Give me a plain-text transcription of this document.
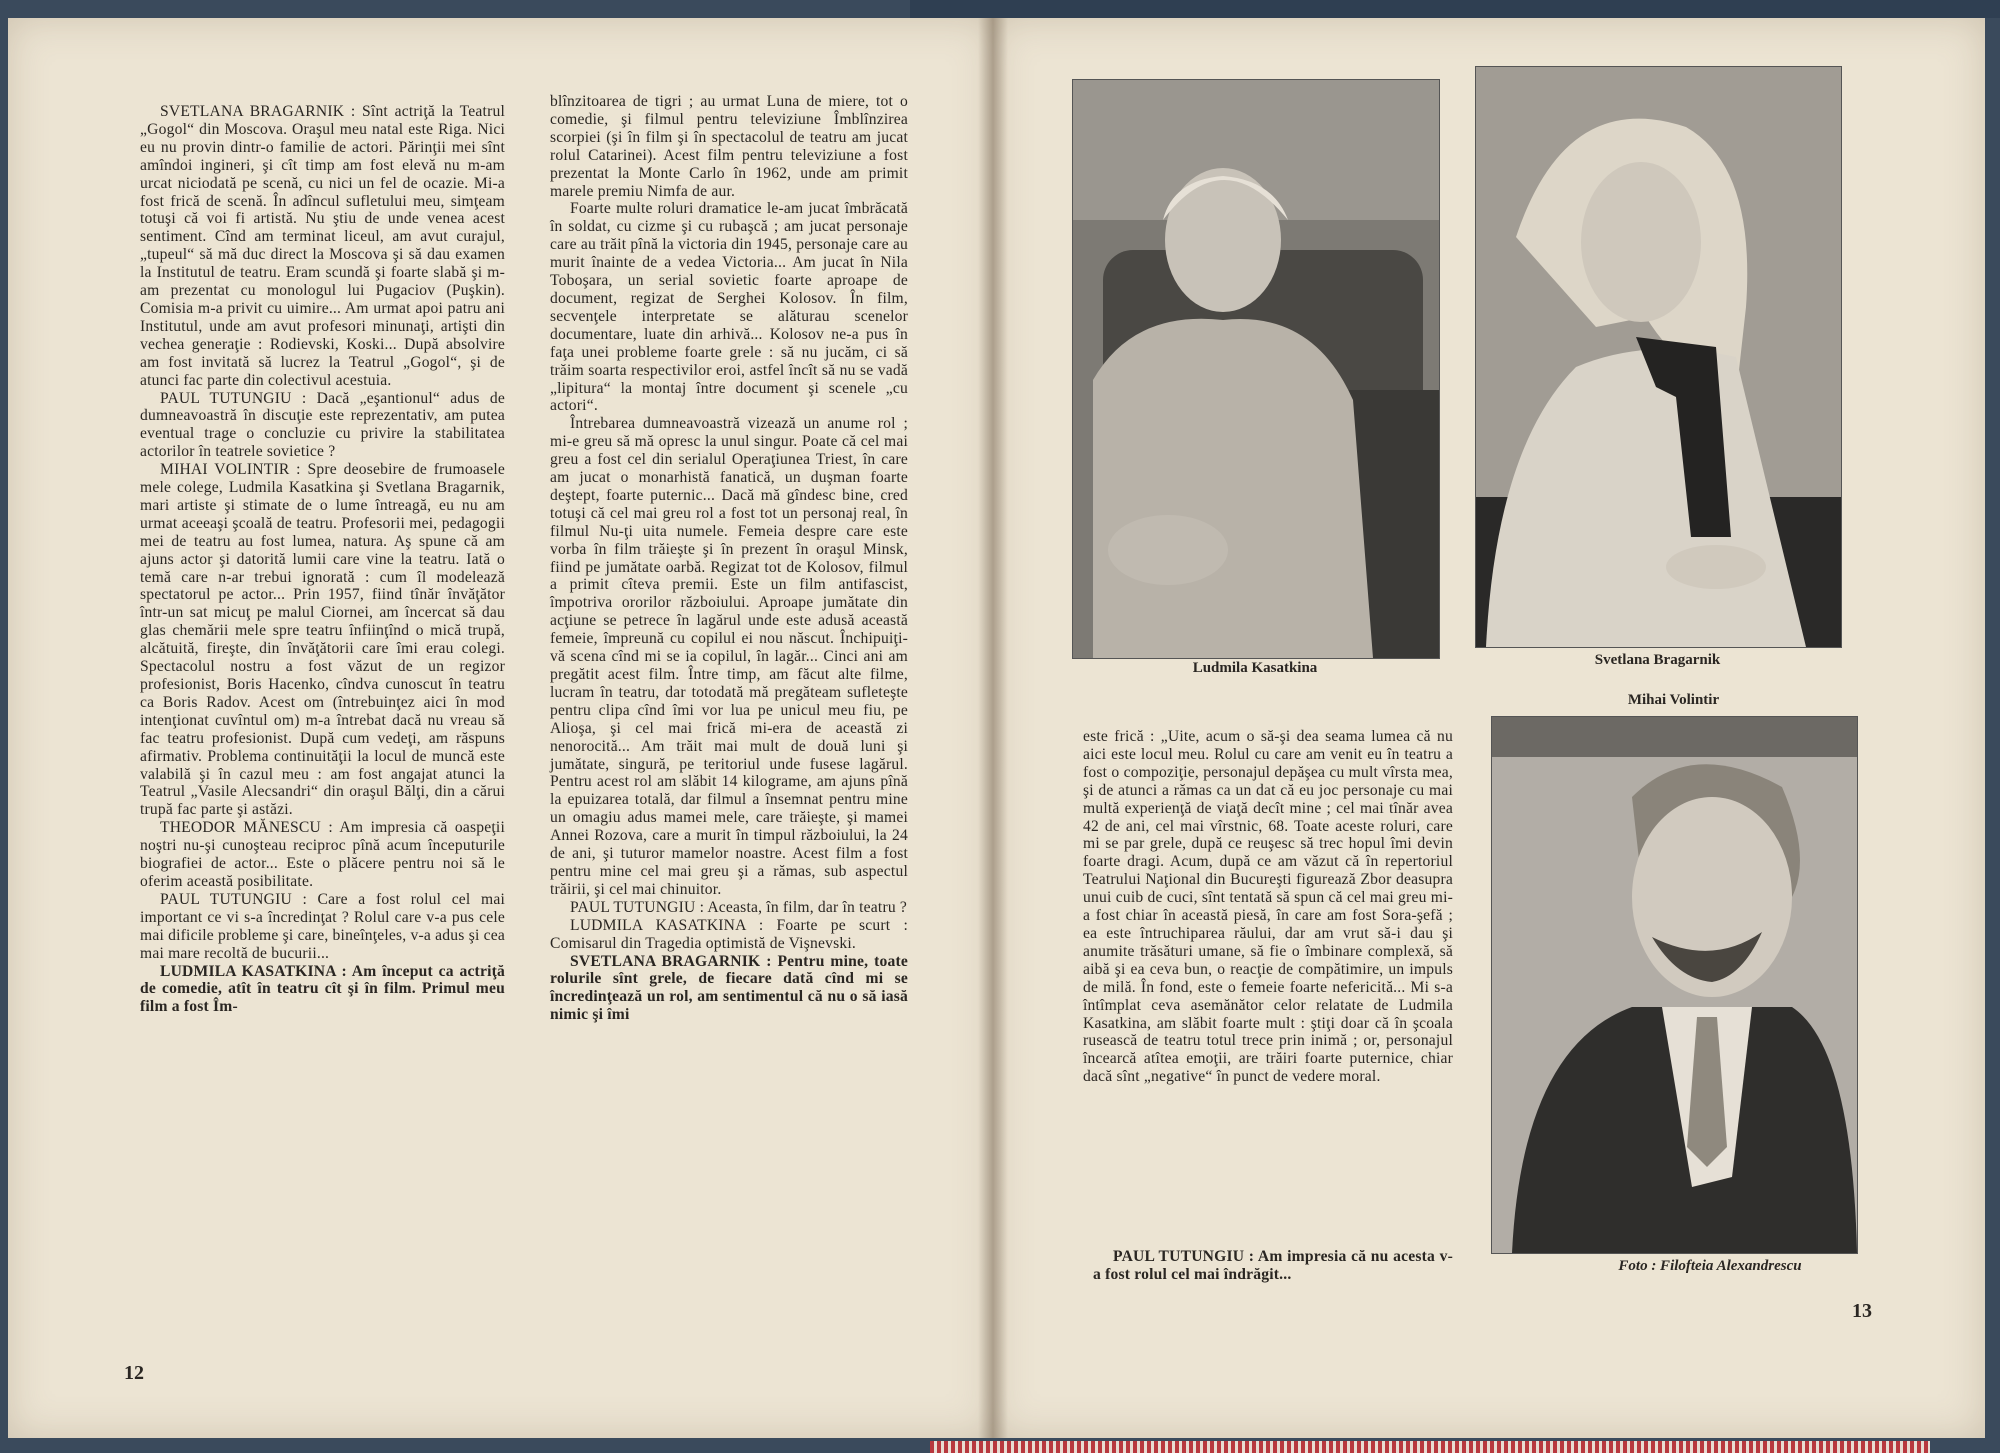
SVETLANA BRAGARNIK : Sînt actriţă la Teatrul „Gogol“ din Moscova. Oraşul meu natal este Riga. Nici eu nu provin dintr-o familie de actori. Părinţii mei sînt amîndoi ingineri, şi cît timp am fost elevă nu m-am urcat niciodată pe scenă, cu nici un fel de ocazie. Mi-a fost frică de scenă. În adîncul sufletului meu, simţeam totuşi că voi fi artistă. Nu ştiu de unde venea acest sentiment. Cînd am terminat liceul, am avut curajul, „tupeul“ să mă duc direct la Moscova şi să dau examen la Institutul de teatru. Eram scundă şi foarte slabă şi m-am prezentat cu monologul lui Pugaciov (Puşkin). Comisia m-a privit cu uimire... Am urmat apoi patru ani Institutul, unde am avut profesori minunaţi, artişti din vechea generaţie : Rodievski, Koski... După absolvire am fost invitată să lucrez la Teatrul „Gogol“, şi de atunci fac parte din colectivul acestuia.

PAUL TUTUNGIU : Dacă „eşantionul“ adus de dumneavoastră în discuţie este reprezentativ, am putea eventual trage o concluzie cu privire la stabilitatea actorilor în teatrele sovietice ?

MIHAI VOLINTIR : Spre deosebire de frumoasele mele colege, Ludmila Kasatkina şi Svetlana Bragarnik, mari artiste şi stimate de o lume întreagă, eu nu am urmat aceeaşi şcoală de teatru. Profesorii mei, pedagogii mei de teatru au fost lumea, natura. Aş spune că am ajuns actor şi datorită lumii care vine la teatru. Iată o temă care n-ar trebui ignorată : cum îl modelează spectatorul pe actor... Prin 1957, fiind tînăr învăţător într-un sat micuţ pe malul Ciornei, am încercat să dau glas chemării mele spre teatru înfiinţînd o mică trupă, alcătuită, fireşte, din învăţătorii care îmi erau colegi. Spectacolul nostru a fost văzut de un regizor profesionist, Boris Hacenko, cîndva cunoscut în teatru ca Boris Radov. Acest om (întrebuinţez aici în mod intenţionat cuvîntul om) m-a întrebat dacă nu vreau să fac teatru profesionist. După cum vedeţi, am răspuns afirmativ. Problema continuităţii la locul de muncă este valabilă şi în cazul meu : am fost angajat atunci la Teatrul „Vasile Alecsandri“ din oraşul Bălţi, din a cărui trupă fac parte şi astăzi.

THEODOR MĂNESCU : Am impresia că oaspeţii noştri nu-şi cunoşteau reciproc pînă acum începuturile biografiei de actor... Este o plăcere pentru noi să le oferim această posibilitate.

PAUL TUTUNGIU : Care a fost rolul cel mai important ce vi s-a încredinţat ? Rolul care v-a pus cele mai dificile probleme şi care, bineînţeles, v-a adus şi cea mai mare recoltă de bucurii...

LUDMILA KASATKINA : Am început ca actriţă de comedie, atît în teatru cît şi în film. Primul meu film a fost Îm-

blînzitoarea de tigri ; au urmat Luna de miere, tot o comedie, şi filmul pentru televiziune Îmblînzirea scorpiei (şi în film şi în spectacolul de teatru am jucat rolul Catarinei). Acest film pentru televiziune a fost prezentat la Monte Carlo în 1962, unde am primit marele premiu Nimfa de aur.

Foarte multe roluri dramatice le-am jucat îmbrăcată în soldat, cu cizme şi cu rubaşcă ; am jucat personaje care au trăit pînă la victoria din 1945, personaje care au murit înainte de a vedea Victoria... Am jucat în Nila Toboşara, un serial sovietic foarte aproape de document, regizat de Serghei Kolosov. În film, secvenţele interpretate se alăturau scenelor documentare, luate din arhivă... Kolosov ne-a pus în faţa unei probleme foarte grele : să nu jucăm, ci să trăim soarta respectivilor eroi, astfel încît să nu se vadă „lipitura“ la montaj între document şi scenele „cu actori“.

Întrebarea dumneavoastră vizează un anume rol ; mi-e greu să mă opresc la unul singur. Poate că cel mai greu a fost cel din serialul Operaţiunea Triest, în care am jucat o monarhistă fanatică, un duşman foarte deştept, foarte puternic... Dacă mă gîndesc bine, cred totuşi că cel mai greu rol a fost tot un personaj real, în filmul Nu-ţi uita numele. Femeia despre care este vorba în film trăieşte şi în prezent în oraşul Minsk, fiind pe jumătate oarbă. Regizat tot de Kolosov, filmul a primit cîteva premii. Este un film antifascist, împotriva ororilor războiului. Aproape jumătate din acţiune se petrece în lagărul unde este adusă această femeie, împreună cu copilul ei nou născut. Închipuiţi-vă scena cînd mi se ia copilul, în lagăr... Cinci ani am pregătit acest film. Între timp, am făcut alte filme, lucram în teatru, dar totodată mă pregăteam sufleteşte pentru clipa cînd îmi vor lua pe unicul meu fiu, pe Alioşa, şi cel mai frică mi-era de această zi nenorocită... Am trăit mai mult de două luni şi jumătate, singură, pe teritoriul unde fusese lagărul. Pentru acest rol am slăbit 14 kilograme, am ajuns pînă la epuizarea totală, dar filmul a însemnat pentru mine un omagiu adus mamei mele, care trăieşte, şi mamei Annei Rozova, care a murit în timpul războiului, la 24 de ani, şi tuturor mamelor noastre. Acest film a fost pentru mine cel mai greu şi a rămas, sub aspectul trăirii, şi cel mai chinuitor.

PAUL TUTUNGIU : Aceasta, în film, dar în teatru ?

LUDMILA KASATKINA : Foarte pe scurt : Comisarul din Tragedia optimistă de Vişnevski.

SVETLANA BRAGARNIK : Pentru mine, toate rolurile sînt grele, de fiecare dată cînd mi se încredinţează un rol, am sentimentul că nu o să iasă nimic şi îmi

12
Ludmila Kasatkina	Svetlana Bragarnik
Mihai Volintir

este frică : „Uite, acum o să-şi dea seama lumea că nu aici este locul meu. Rolul cu care am venit eu în teatru a fost o compoziţie, personajul depăşea cu mult vîrsta mea, şi de atunci a rămas ca un dat că eu joc personaje cu mai multă experienţă de viaţă decît mine ; cel mai tînăr avea 42 de ani, cel mai vîrstnic, 68. Toate aceste roluri, care mi se par grele, după ce reuşesc să trec hopul îmi devin foarte dragi. Acum, după ce am văzut că în repertoriul Teatrului Naţional din Bucureşti figurează Zbor deasupra unui cuib de cuci, sînt tentată să spun că cel mai greu mi-a fost chiar în această piesă, în care am fost Sora-şefă ; ea este întruchiparea răului, dar am vrut să-i dau şi anumite trăsături umane, să fie o îmbinare complexă, să aibă şi ea ceva bun, o reacţie de compătimire, un impuls de milă. În fond, este o femeie foarte nefericită... Mi s-a întîmplat ceva asemănător celor relatate de Ludmila Kasatkina, am slăbit foarte mult : ştiţi doar că în şcoala rusească de teatru totul trece prin inimă ; or, personajul încearcă atîtea emoţii, are trăiri foarte puternice, chiar dacă sînt „negative“ în punct de vedere moral.

PAUL TUTUNGIU : Am impresia că nu acesta v-a fost rolul cel mai îndrăgit...	Foto : Filofteia Alexandrescu
13
